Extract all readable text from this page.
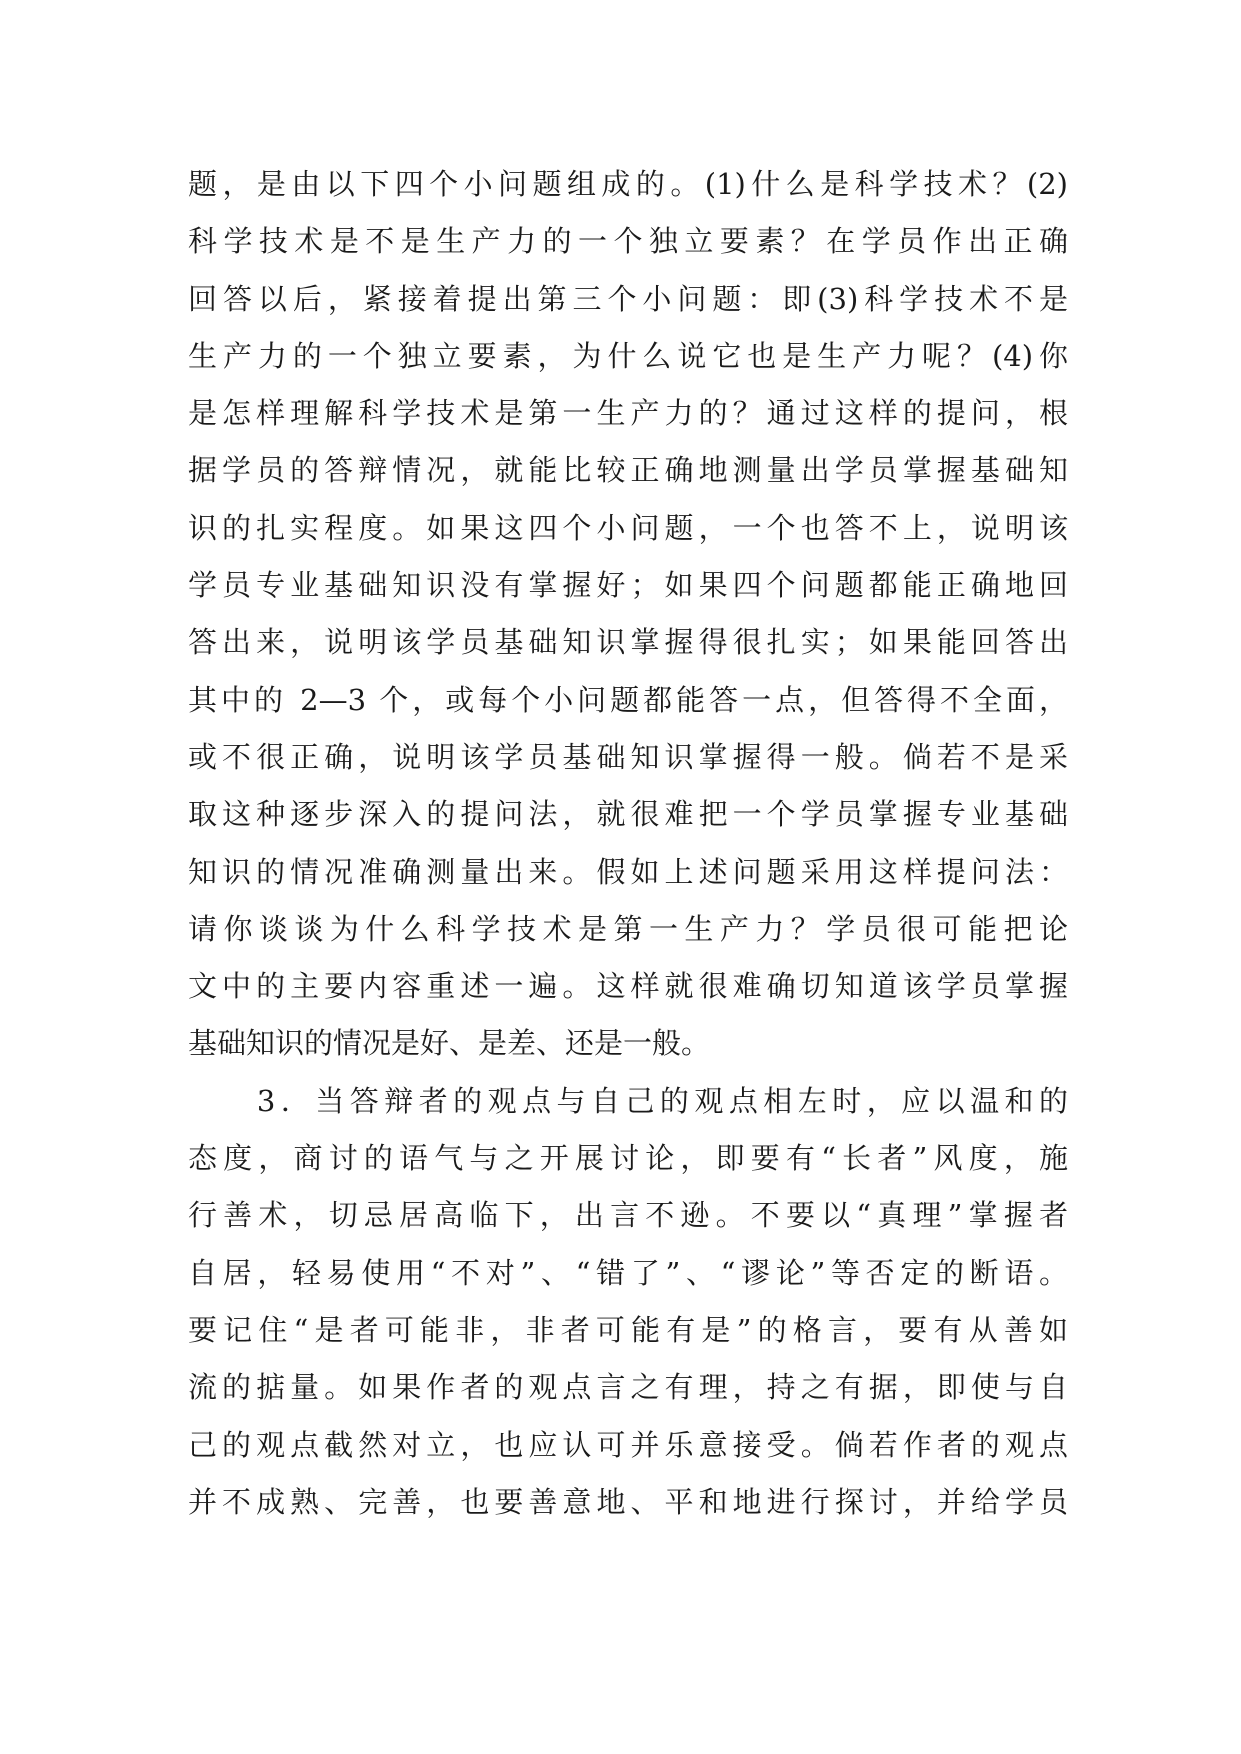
题，是由以下四个小问题组成的。(1)什么是科学技术？(2)
科学技术是不是生产力的一个独立要素？在学员作出正确
回答以后，紧接着提出第三个小问题：即(3)科学技术不是
生产力的一个独立要素，为什么说它也是生产力呢？(4)你
是怎样理解科学技术是第一生产力的？通过这样的提问，根
据学员的答辩情况，就能比较正确地测量出学员掌握基础知
识的扎实程度。如果这四个小问题，一个也答不上，说明该
学员专业基础知识没有掌握好；如果四个问题都能正确地回
答出来，说明该学员基础知识掌握得很扎实；如果能回答出
其中的 2—3 个，或每个小问题都能答一点，但答得不全面，
或不很正确，说明该学员基础知识掌握得一般。倘若不是采
取这种逐步深入的提问法，就很难把一个学员掌握专业基础
知识的情况准确测量出来。假如上述问题采用这样提问法：
请你谈谈为什么科学技术是第一生产力？学员很可能把论
文中的主要内容重述一遍。这样就很难确切知道该学员掌握
基础知识的情况是好、是差、还是一般。
　　3．当答辩者的观点与自己的观点相左时，应以温和的
态度，商讨的语气与之开展讨论，即要有“长者”风度，施
行善术，切忌居高临下，出言不逊。不要以“真理”掌握者
自居，轻易使用“不对”、“错了”、“谬论”等否定的断语。
要记住“是者可能非，非者可能有是”的格言，要有从善如
流的掂量。如果作者的观点言之有理，持之有据，即使与自
己的观点截然对立，也应认可并乐意接受。倘若作者的观点
并不成熟、完善，也要善意地、平和地进行探讨，并给学员
